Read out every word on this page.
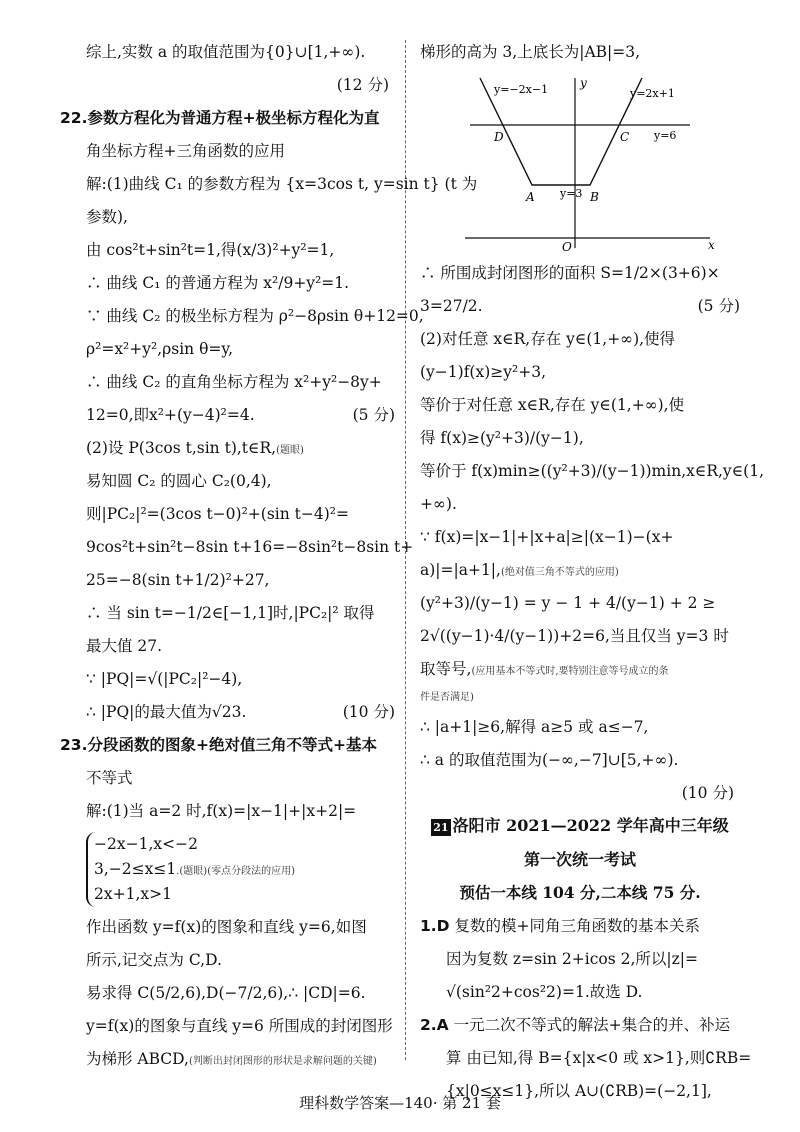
综上,实数 a 的取值范围为{0}∪[1,+∞).
(12 分)
22.参数方程化为普通方程+极坐标方程化为直
角坐标方程+三角函数的应用
解:(1)曲线 C₁ 的参数方程为 {x=3cos t, y=sin t} (t 为
参数),
由 cos²t+sin²t=1,得(x/3)²+y²=1,
∴ 曲线 C₁ 的普通方程为 x²/9+y²=1.
∵ 曲线 C₂ 的极坐标方程为 ρ²−8ρsin θ+12=0,
ρ²=x²+y²,ρsin θ=y,
∴ 曲线 C₂ 的直角坐标方程为 x²+y²−8y+
12=0,即x²+(y−4)²=4.	(5 分)
(2)设 P(3cos t,sin t),t∈R,(题眼)
易知圆 C₂ 的圆心 C₂(0,4),
则|PC₂|²=(3cos t−0)²+(sin t−4)²=
9cos²t+sin²t−8sin t+16=−8sin²t−8sin t+
25=−8(sin t+1/2)²+27,
∴ 当 sin t=−1/2∈[−1,1]时,|PC₂|² 取得
最大值 27.
∵ |PQ|=√(|PC₂|²−4),
∴ |PQ|的最大值为√23.	(10 分)
23.分段函数的图象+绝对值三角不等式+基本
不等式
解:(1)当 a=2 时,f(x)=|x−1|+|x+2|=
−2x−1,x<−2
3,−2≤x≤1.(题眼)(零点分段法的应用)
2x+1,x>1
作出函数 y=f(x)的图象和直线 y=6,如图
所示,记交点为 C,D.
易求得 C(5/2,6),D(−7/2,6),∴ |CD|=6.
y=f(x)的图象与直线 y=6 所围成的封闭图形
为梯形 ABCD,(判断出封闭图形的形状是求解问题的关键)
梯形的高为 3,上底长为|AB|=3,
y=−2x−1	y=2x+1
y=6
y=3
D	C
A	B
O	x
y
∴ 所围成封闭图形的面积 S=1/2×(3+6)×
3=27/2.	(5 分)
(2)对任意 x∈R,存在 y∈(1,+∞),使得
(y−1)f(x)≥y²+3,
等价于对任意 x∈R,存在 y∈(1,+∞),使
得 f(x)≥(y²+3)/(y−1),
等价于 f(x)min≥((y²+3)/(y−1))min,x∈R,y∈(1,
+∞).
∵ f(x)=|x−1|+|x+a|≥|(x−1)−(x+
a)|=|a+1|,(绝对值三角不等式的应用)
(y²+3)/(y−1) = y − 1 + 4/(y−1) + 2 ≥
2√((y−1)·4/(y−1))+2=6,当且仅当 y=3 时
取等号,(应用基本不等式时,要特别注意等号成立的条
件是否满足)
∴ |a+1|≥6,解得 a≥5 或 a≤−7,
∴ a 的取值范围为(−∞,−7]∪[5,+∞).
(10 分)
21 洛阳市 2021—2022 学年高中三年级
第一次统一考试
预估一本线 104 分,二本线 75 分.
1.D 复数的模+同角三角函数的基本关系
因为复数 z=sin 2+icos 2,所以|z|=
√(sin²2+cos²2)=1.故选 D.
2.A 一元二次不等式的解法+集合的并、补运
算 由已知,得 B={x|x<0 或 x>1},则∁RB=
{x|0≤x≤1},所以 A∪(∁RB)=(−2,1],
理科数学答案—140· 第 21 套
